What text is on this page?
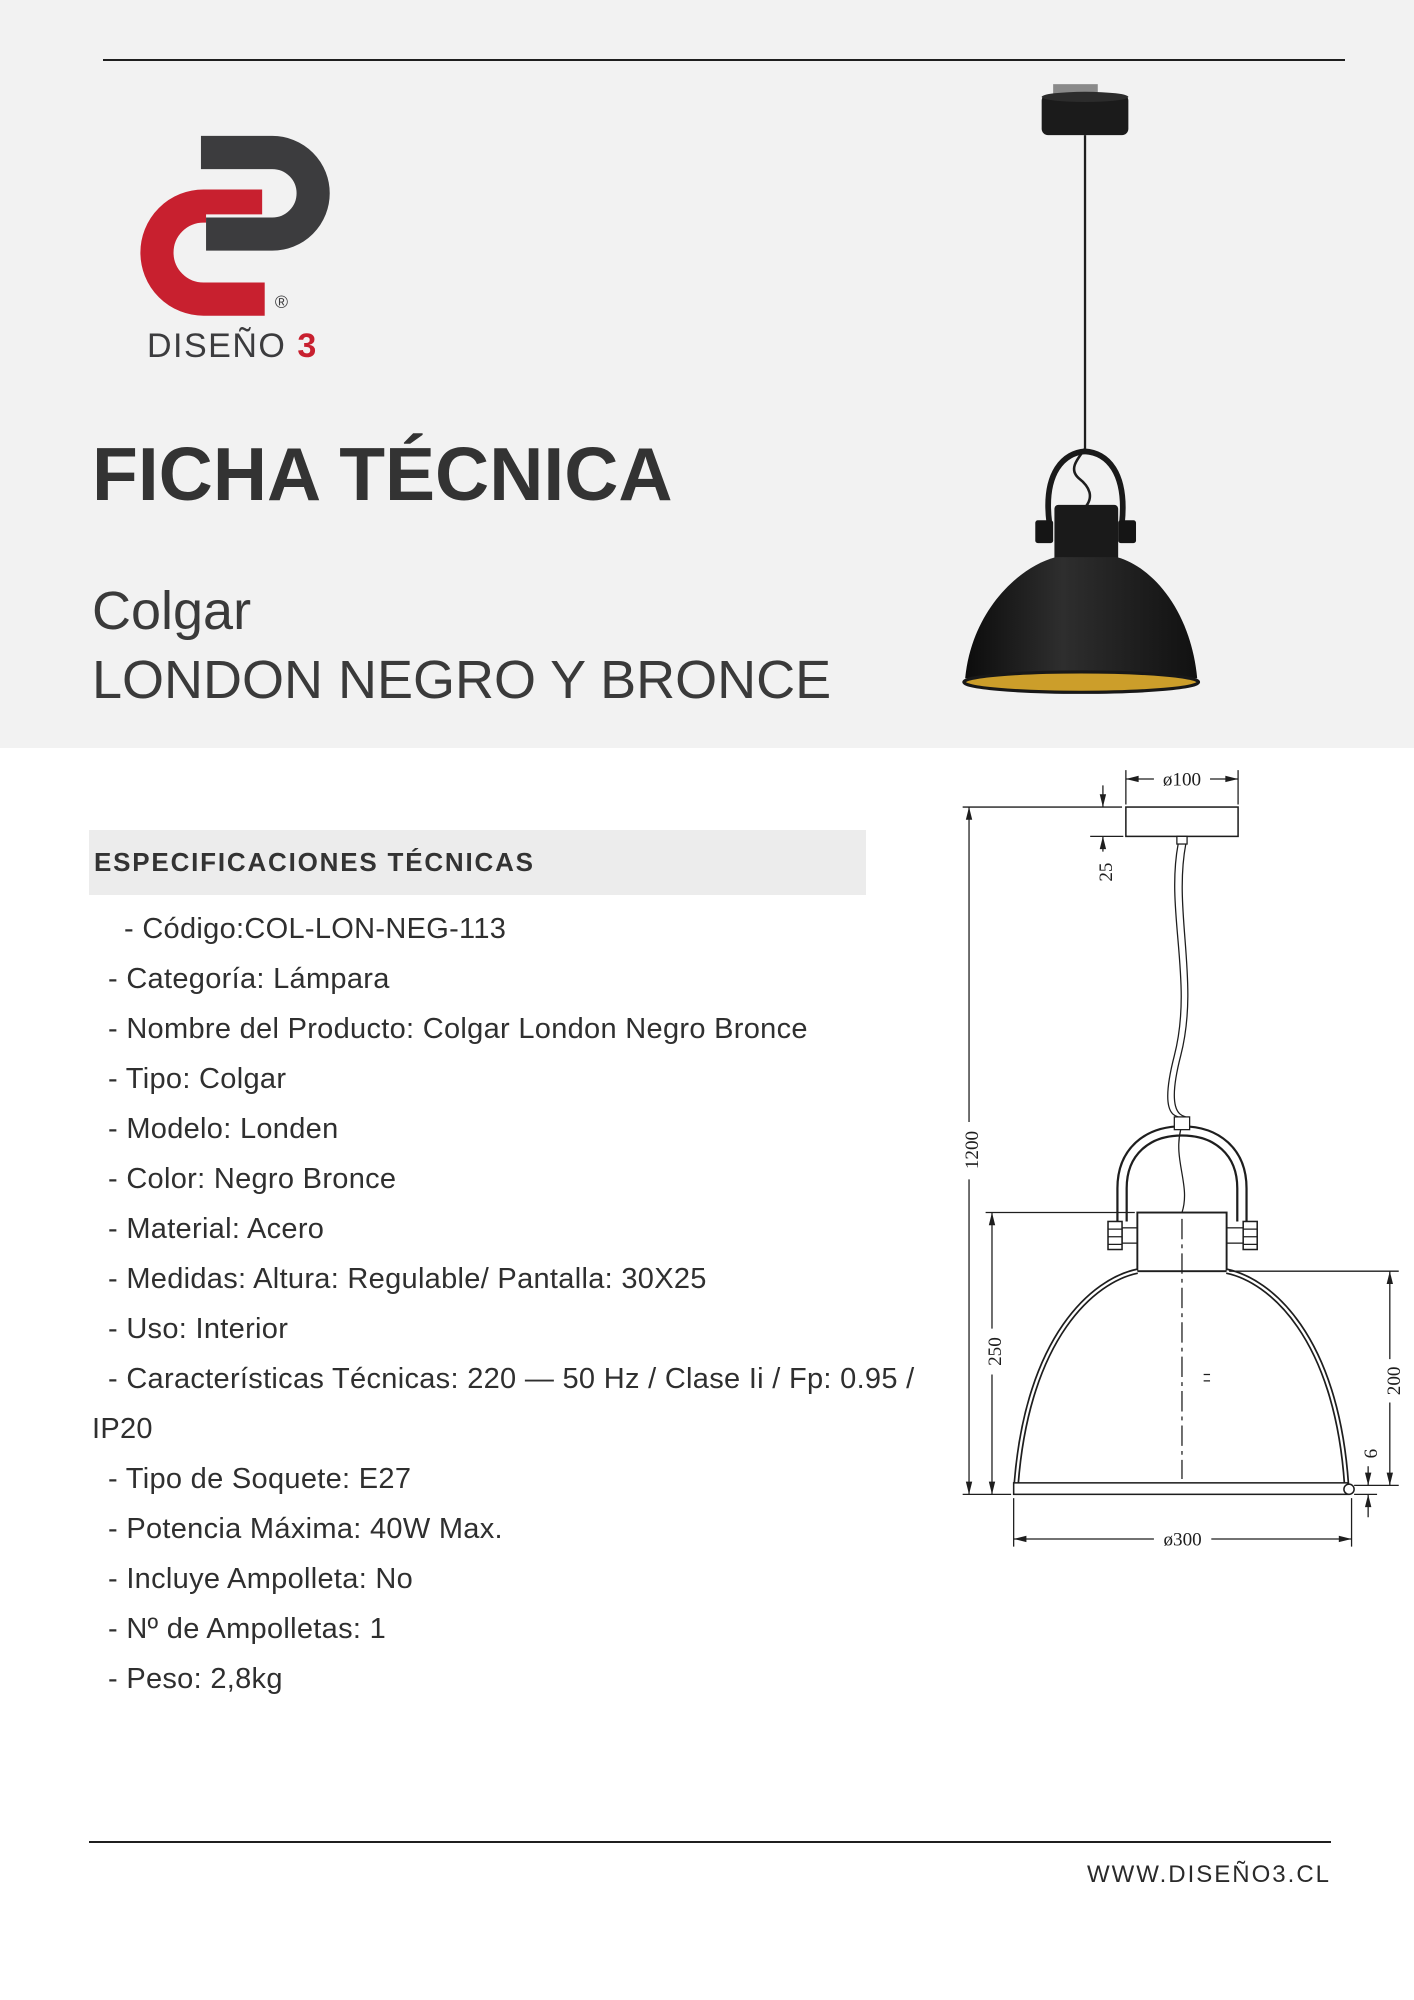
®
DISEÑO 3
FICHA TÉCNICA
Colgar
LONDON NEGRO Y BRONCE
ESPECIFICACIONES TÉCNICAS
- Código:COL-LON-NEG-113
- Categoría: Lámpara
- Nombre del Producto: Colgar London Negro Bronce
- Tipo: Colgar
- Modelo: Londen
- Color: Negro Bronce
- Material: Acero
- Medidas: Altura: Regulable/ Pantalla: 30X25
- Uso: Interior
- Características Técnicas: 220 — 50 Hz / Clase Ii / Fp: 0.95 / IP20
- Tipo de Soquete: E27
- Potencia Máxima: 40W Max.
- Incluye Ampolleta: No
- Nº de Ampolletas: 1
- Peso: 2,8kg
ø100
1200
25
250
200
6
ø300
WWW.DISEÑO3.CL
